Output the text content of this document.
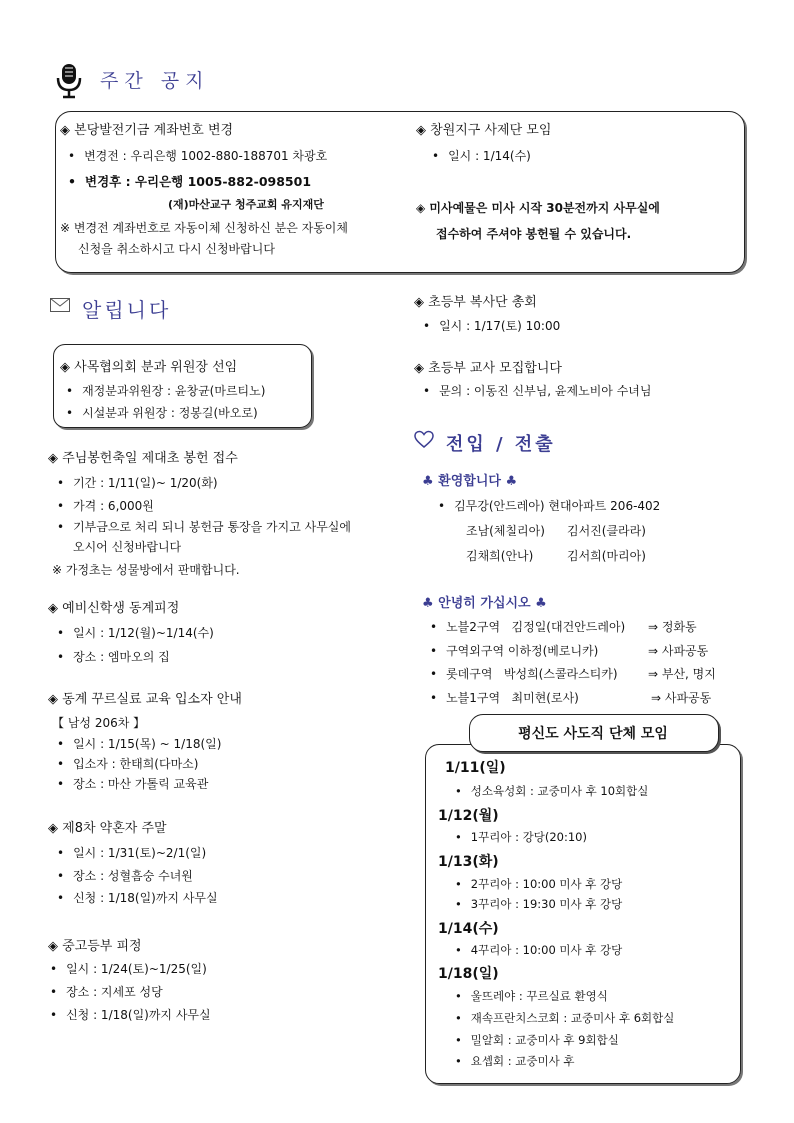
주간 공지
◈ 본당발전기금 계좌번호 변경
• 변경전 : 우리은행 1002-880-188701 차광호
• 변경후 : 우리은행 1005-882-098501
(재)마산교구 청주교회 유지재단
※ 변경전 계좌번호로 자동이체 신청하신 분은 자동이체
신청을 취소하시고 다시 신청바랍니다
◈ 창원지구 사제단 모임
• 일시 : 1/14(수)
◈ 미사예물은 미사 시작 30분전까지 사무실에
접수하여 주셔야 봉헌될 수 있습니다.
알립니다
◈ 사목협의회 분과 위원장 선임
• 재정분과위원장 : 윤창균(마르티노)
• 시설분과 위원장 : 정봉길(바오로)
◈ 주님봉헌축일 제대초 봉헌 접수
• 기간 : 1/11(일)~ 1/20(화)
• 가격 : 6,000원
• 기부금으로 처리 되니 봉헌금 통장을 가지고 사무실에
오시어 신청바랍니다
※ 가정초는 성물방에서 판매합니다.
◈ 예비신학생 동계피정
• 일시 : 1/12(월)~1/14(수)
• 장소 : 엠마오의 집
◈ 동계 꾸르실료 교육 입소자 안내
【 남성 206차 】
• 일시 : 1/15(목) ~ 1/18(일)
• 입소자 : 한태희(다마소)
• 장소 : 마산 가톨릭 교육관
◈ 제8차 약혼자 주말
• 일시 : 1/31(토)~2/1(일)
• 장소 : 성혈흠숭 수녀원
• 신청 : 1/18(일)까지 사무실
◈ 중고등부 피정
• 일시 : 1/24(토)~1/25(일)
• 장소 : 지세포 성당
• 신청 : 1/18(일)까지 사무실
◈ 초등부 복사단 총회
• 일시 : 1/17(토) 10:00
◈ 초등부 교사 모집합니다
• 문의 : 이동진 신부님, 윤제노비아 수녀님
전입 / 전출
♣ 환영합니다 ♣
• 김무강(안드레아) 현대아파트 206-402
조남(체칠리아) 김서진(클라라)
김채희(안나)	김서희(마리아)
♣ 안녕히 가십시오 ♣
• 노블2구역   김정일(대건안드레아) ⇒ 정화동
• 구역외구역 이하정(베로니카)	⇒ 사파공동
• 롯데구역   박성희(스콜라스티카)	⇒ 부산, 명지
• 노블1구역   최미현(로사)	⇒ 사파공동
평신도 사도직 단체 모임
1/11(일)
• 성소육성회 : 교중미사 후 10회합실
1/12(월)
• 1꾸리아 : 강당(20:10)
1/13(화)
• 2꾸리아 : 10:00 미사 후 강당
• 3꾸리아 : 19:30 미사 후 강당
1/14(수)
• 4꾸리아 : 10:00 미사 후 강당
1/18(일)
• 울뜨레야 : 꾸르실료 환영식
• 재속프란치스코회 : 교중미사 후 6회합실
• 밀알회 : 교중미사 후 9회합실
• 요셉회 : 교중미사 후
